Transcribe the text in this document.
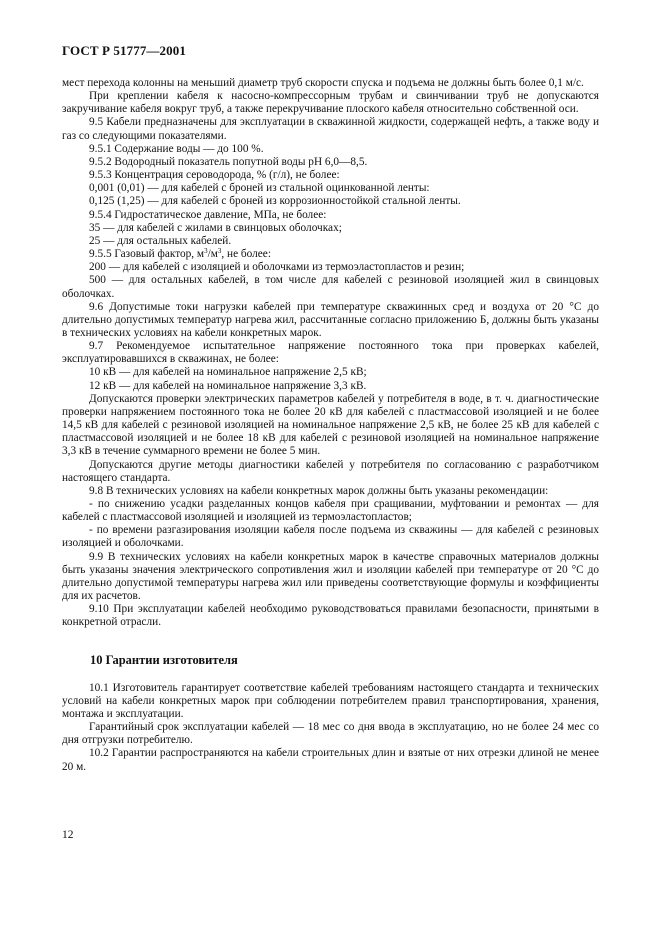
ГОСТ Р 51777—2001

мест перехода колонны на меньший диаметр труб скорости спуска и подъема не должны быть более 0,1 м/с.

При креплении кабеля к насосно-компрессорным трубам и свинчивании труб не допускаются закручивание кабеля вокруг труб, а также перекручивание плоского кабеля относительно собственной оси.

9.5 Кабели предназначены для эксплуатации в скважинной жидкости, содержащей нефть, а также воду и газ со следующими показателями.

9.5.1 Содержание воды — до 100 %.

9.5.2 Водородный показатель попутной воды рН 6,0—8,5.

9.5.3 Концентрация сероводорода, % (г/л), не более:

0,001 (0,01) — для кабелей с броней из стальной оцинкованной ленты:

0,125 (1,25) — для кабелей с броней из коррозионностойкой стальной ленты.

9.5.4 Гидростатическое давление, МПа, не более:

35 — для кабелей с жилами в свинцовых оболочках;

25 — для остальных кабелей.

9.5.5 Газовый фактор, $м^3/м^3$, не более:

200 — для кабелей с изоляцией и оболочками из термоэластопластов и резин;

500 — для остальных кабелей, в том числе для кабелей с резиновой изоляцией жил в свинцовых оболочках.

9.6 Допустимые токи нагрузки кабелей при температуре скважинных сред и воздуха от 20 °С до длительно допустимых температур нагрева жил, рассчитанные согласно приложению Б, должны быть указаны в технических условиях на кабели конкретных марок.

9.7 Рекомендуемое испытательное напряжение постоянного тока при проверках кабелей, эксплуатировавшихся в скважинах, не более:

10 кВ — для кабелей на номинальное напряжение 2,5 кВ;

12 кВ — для кабелей на номинальное напряжение 3,3 кВ.

Допускаются проверки электрических параметров кабелей у потребителя в воде, в т. ч. диагностические проверки напряжением постоянного тока не более 20 кВ для кабелей с пластмассовой изоляцией и не более 14,5 кВ для кабелей с резиновой изоляцией на номинальное напряжение 2,5 кВ, не более 25 кВ для кабелей с пластмассовой изоляцией и не более 18 кВ для кабелей с резиновой изоляцией на номинальное напряжение 3,3 кВ в течение суммарного времени не более 5 мин.

Допускаются другие методы диагностики кабелей у потребителя по согласованию с разработчиком настоящего стандарта.

9.8 В технических условиях на кабели конкретных марок должны быть указаны рекомендации:

- по снижению усадки разделанных концов кабеля при сращивании, муфтовании и ремонтах — для кабелей с пластмассовой изоляцией и изоляцией из термоэластопластов;

- по времени разгазирования изоляции кабеля после подъема из скважины — для кабелей с резиновых изоляцией и оболочками.

9.9 В технических условиях на кабели конкретных марок в качестве справочных материалов должны быть указаны значения электрического сопротивления жил и изоляции кабелей при температуре от 20 °С до длительно допустимой температуры нагрева жил или приведены соответствующие формулы и коэффициенты для их расчетов.

9.10 При эксплуатации кабелей необходимо руководствоваться правилами безопасности, принятыми в конкретной отрасли.

10 Гарантии изготовителя

10.1 Изготовитель гарантирует соответствие кабелей требованиям настоящего стандарта и технических условий на кабели конкретных марок при соблюдении потребителем правил транспортирования, хранения, монтажа и эксплуатации.

Гарантийный срок эксплуатации кабелей — 18 мес со дня ввода в эксплуатацию, но не более 24 мес со дня отгрузки потребителю.

10.2 Гарантии распространяются на кабели строительных длин и взятые от них отрезки длиной не менее 20 м.

12
